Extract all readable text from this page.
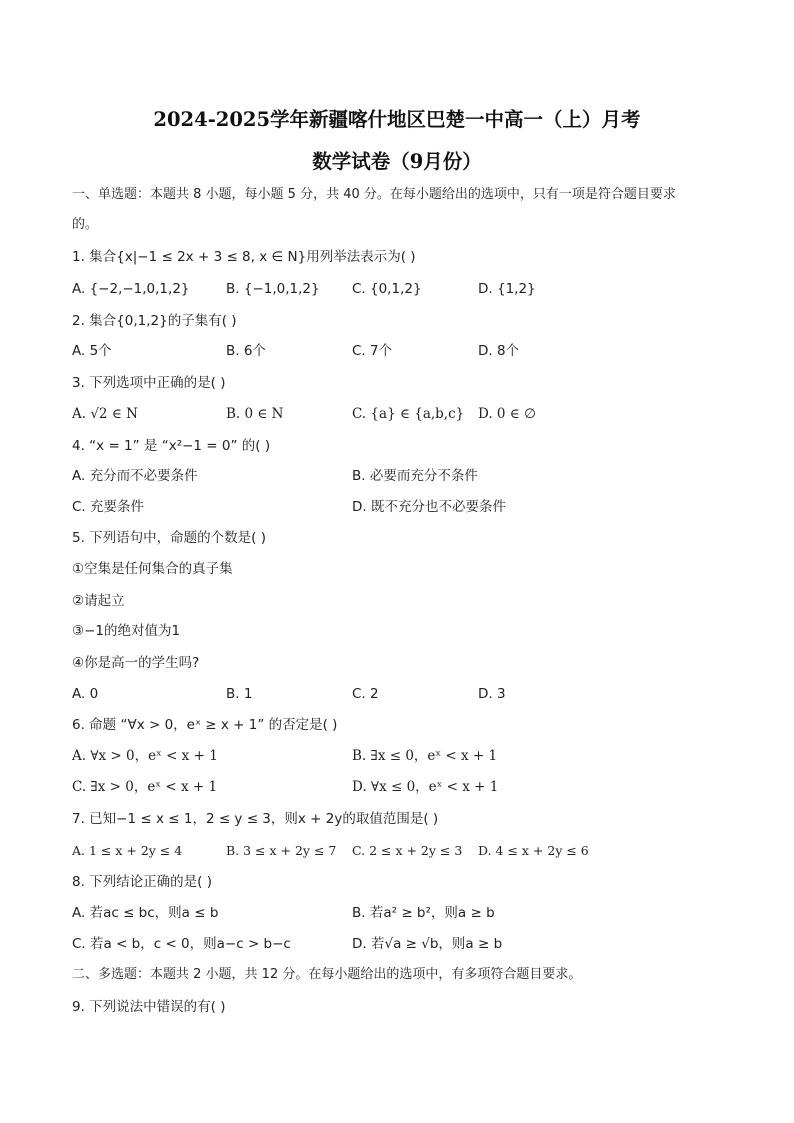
2024-2025学年新疆喀什地区巴楚一中高一（上）月考
数学试卷（9月份）
一、单选题：本题共 8 小题，每小题 5 分，共 40 分。在每小题给出的选项中，只有一项是符合题目要求
的。
1. 集合{x|−1 ≤ 2x + 3 ≤ 8, x ∈ N}用列举法表示为( )
A. {−2,−1,0,1,2}	B. {−1,0,1,2} C. {0,1,2}	D. {1,2}
2. 集合{0,1,2}的子集有( )
A. 5个	B. 6个	C. 7个	D. 8个
3. 下列选项中正确的是( )
A. √2 ∈ N	B. 0 ∈ N	C. {a} ∈ {a,b,c} D. 0 ∈ ∅
4. “x = 1” 是 “x²−1 = 0” 的( )
A. 充分而不必要条件	B. 必要而充分不条件
C. 充要条件	D. 既不充分也不必要条件
5. 下列语句中，命题的个数是( )
①空集是任何集合的真子集
②请起立
③−1的绝对值为1
④你是高一的学生吗?
A. 0	B. 1	C. 2	D. 3
6. 命题 “∀x > 0，eˣ ≥ x + 1” 的否定是( )
A. ∀x > 0，eˣ < x + 1	B. ∃x ≤ 0，eˣ < x + 1
C. ∃x > 0，eˣ < x + 1	D. ∀x ≤ 0，eˣ < x + 1
7. 已知−1 ≤ x ≤ 1，2 ≤ y ≤ 3，则x + 2y的取值范围是( )
A. 1 ≤ x + 2y ≤ 4	B. 3 ≤ x + 2y ≤ 7 C. 2 ≤ x + 2y ≤ 3 D. 4 ≤ x + 2y ≤ 6
8. 下列结论正确的是( )
A. 若ac ≤ bc，则a ≤ b	B. 若a² ≥ b²，则a ≥ b
C. 若a < b，c < 0，则a−c > b−c	D. 若√a ≥ √b，则a ≥ b
二、多选题：本题共 2 小题，共 12 分。在每小题给出的选项中，有多项符合题目要求。
9. 下列说法中错误的有( )
